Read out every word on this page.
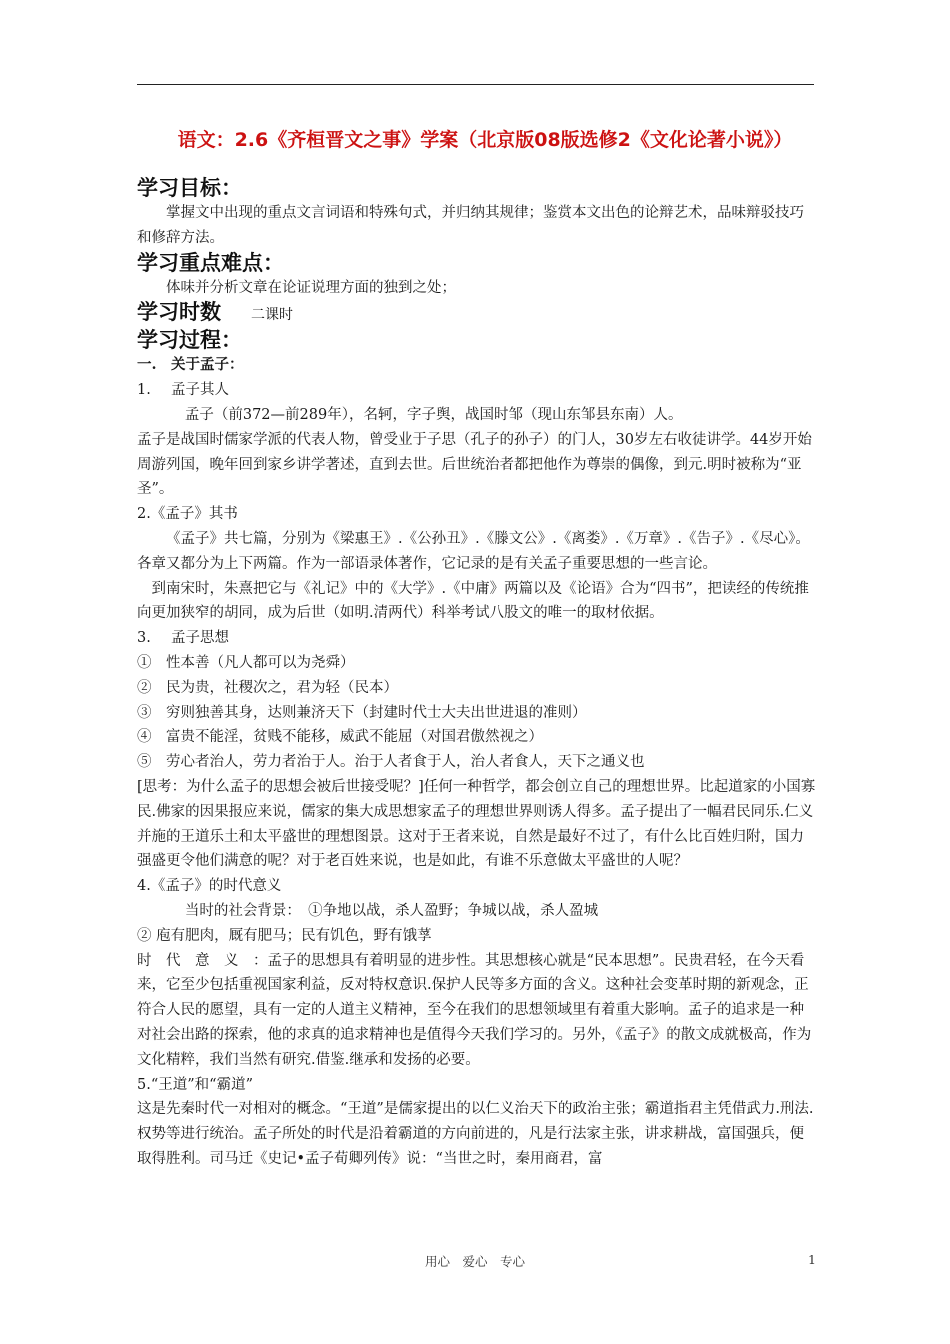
语文：2.6《齐桓晋文之事》学案（北京版08版选修2《文化论著小说》）
学习目标：

掌握文中出现的重点文言词语和特殊句式，并归纳其规律；鉴赏本文出色的论辩艺术，品味辩驳技巧和修辞方法。

学习重点难点：

体味并分析文章在论证说理方面的独到之处；

学习时数 二课时
学习过程：

一.　关于孟子：

1. 孟子其人

孟子（前372—前289年），名轲，字子舆，战国时邹（现山东邹县东南）人。

孟子是战国时儒家学派的代表人物，曾受业于子思（孔子的孙子）的门人，30岁左右收徒讲学。44岁开始周游列国，晚年回到家乡讲学著述，直到去世。后世统治者都把他作为尊崇的偶像，到元.明时被称为“亚圣”。

2.《孟子》其书

《孟子》共七篇，分别为《梁惠王》.《公孙丑》.《滕文公》.《离娄》.《万章》.《告子》.《尽心》。各章又都分为上下两篇。作为一部语录体著作，它记录的是有关孟子重要思想的一些言论。

到南宋时，朱熹把它与《礼记》中的《大学》.《中庸》两篇以及《论语》合为“四书”，把读经的传统推向更加狭窄的胡同，成为后世（如明.清两代）科举考试八股文的唯一的取材依据。

3. 孟子思想

①　性本善（凡人都可以为尧舜）

②　民为贵，社稷次之，君为轻（民本）

③　穷则独善其身，达则兼济天下（封建时代士大夫出世进退的准则）

④　富贵不能淫，贫贱不能移，威武不能屈（对国君傲然视之）

⑤　劳心者治人，劳力者治于人。治于人者食于人，治人者食人，天下之通义也

[思考：为什么孟子的思想会被后世接受呢？]任何一种哲学，都会创立自己的理想世界。比起道家的小国寡民.佛家的因果报应来说，儒家的集大成思想家孟子的理想世界则诱人得多。孟子提出了一幅君民同乐.仁义并施的王道乐土和太平盛世的理想图景。这对于王者来说，自然是最好不过了，有什么比百姓归附，国力强盛更令他们满意的呢？对于老百姓来说，也是如此，有谁不乐意做太平盛世的人呢？

4.《孟子》的时代意义

当时的社会背景：　①争地以战，杀人盈野；争城以战，杀人盈城

② 庖有肥肉，厩有肥马；民有饥色，野有饿莩

时　代　意　义　：孟子的思想具有着明显的进步性。其思想核心就是“民本思想”。民贵君轻，在今天看来，它至少包括重视国家利益，反对特权意识.保护人民等多方面的含义。这种社会变革时期的新观念，正符合人民的愿望，具有一定的人道主义精神，至今在我们的思想领域里有着重大影响。孟子的追求是一种对社会出路的探索，他的求真的追求精神也是值得今天我们学习的。另外，《孟子》的散文成就极高，作为文化精粹，我们当然有研究.借鉴.继承和发扬的必要。

5.“王道”和“霸道”

这是先秦时代一对相对的概念。“王道”是儒家提出的以仁义治天下的政治主张；霸道指君主凭借武力.刑法.权势等进行统治。孟子所处的时代是沿着霸道的方向前进的，凡是行法家主张，讲求耕战，富国强兵，便取得胜利。司马迁《史记•孟子荀卿列传》说：“当世之时，秦用商君，富

用心　爱心　专心	1
